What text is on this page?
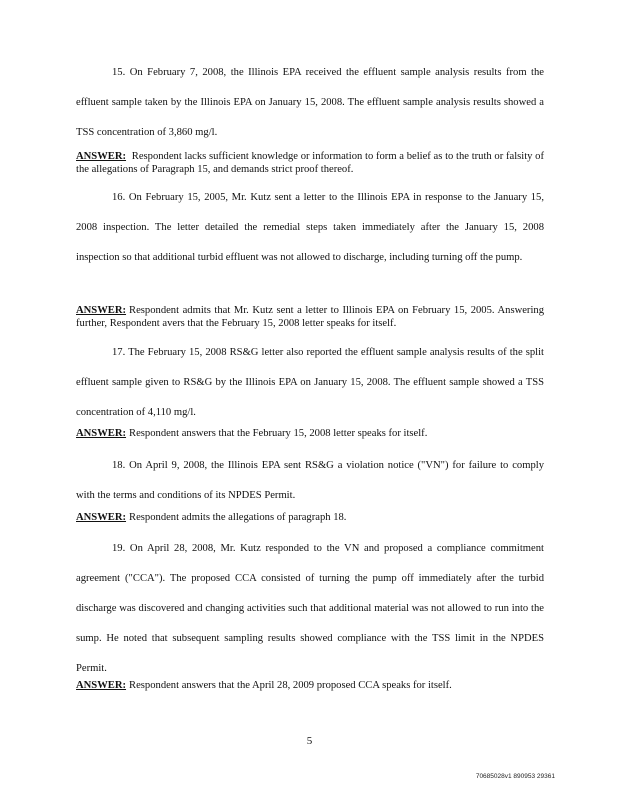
15. On February 7, 2008, the Illinois EPA received the effluent sample analysis results from the effluent sample taken by the Illinois EPA on January 15, 2008. The effluent sample analysis results showed a TSS concentration of 3,860 mg/l.

ANSWER: Respondent lacks sufficient knowledge or information to form a belief as to the truth or falsity of the allegations of Paragraph 15, and demands strict proof thereof.

16. On February 15, 2005, Mr. Kutz sent a letter to the Illinois EPA in response to the January 15, 2008 inspection. The letter detailed the remedial steps taken immediately after the January 15, 2008 inspection so that additional turbid effluent was not allowed to discharge, including turning off the pump.

ANSWER: Respondent admits that Mr. Kutz sent a letter to Illinois EPA on February 15, 2005. Answering further, Respondent avers that the February 15, 2008 letter speaks for itself.

17. The February 15, 2008 RS&G letter also reported the effluent sample analysis results of the split effluent sample given to RS&G by the Illinois EPA on January 15, 2008. The effluent sample showed a TSS concentration of 4,110 mg/l.

ANSWER: Respondent answers that the February 15, 2008 letter speaks for itself.

18. On April 9, 2008, the Illinois EPA sent RS&G a violation notice ("VN") for failure to comply with the terms and conditions of its NPDES Permit.

ANSWER: Respondent admits the allegations of paragraph 18.

19. On April 28, 2008, Mr. Kutz responded to the VN and proposed a compliance commitment agreement ("CCA"). The proposed CCA consisted of turning the pump off immediately after the turbid discharge was discovered and changing activities such that additional material was not allowed to run into the sump. He noted that subsequent sampling results showed compliance with the TSS limit in the NPDES Permit.

ANSWER: Respondent answers that the April 28, 2009 proposed CCA speaks for itself.

5
70685028v1 890953 29361
